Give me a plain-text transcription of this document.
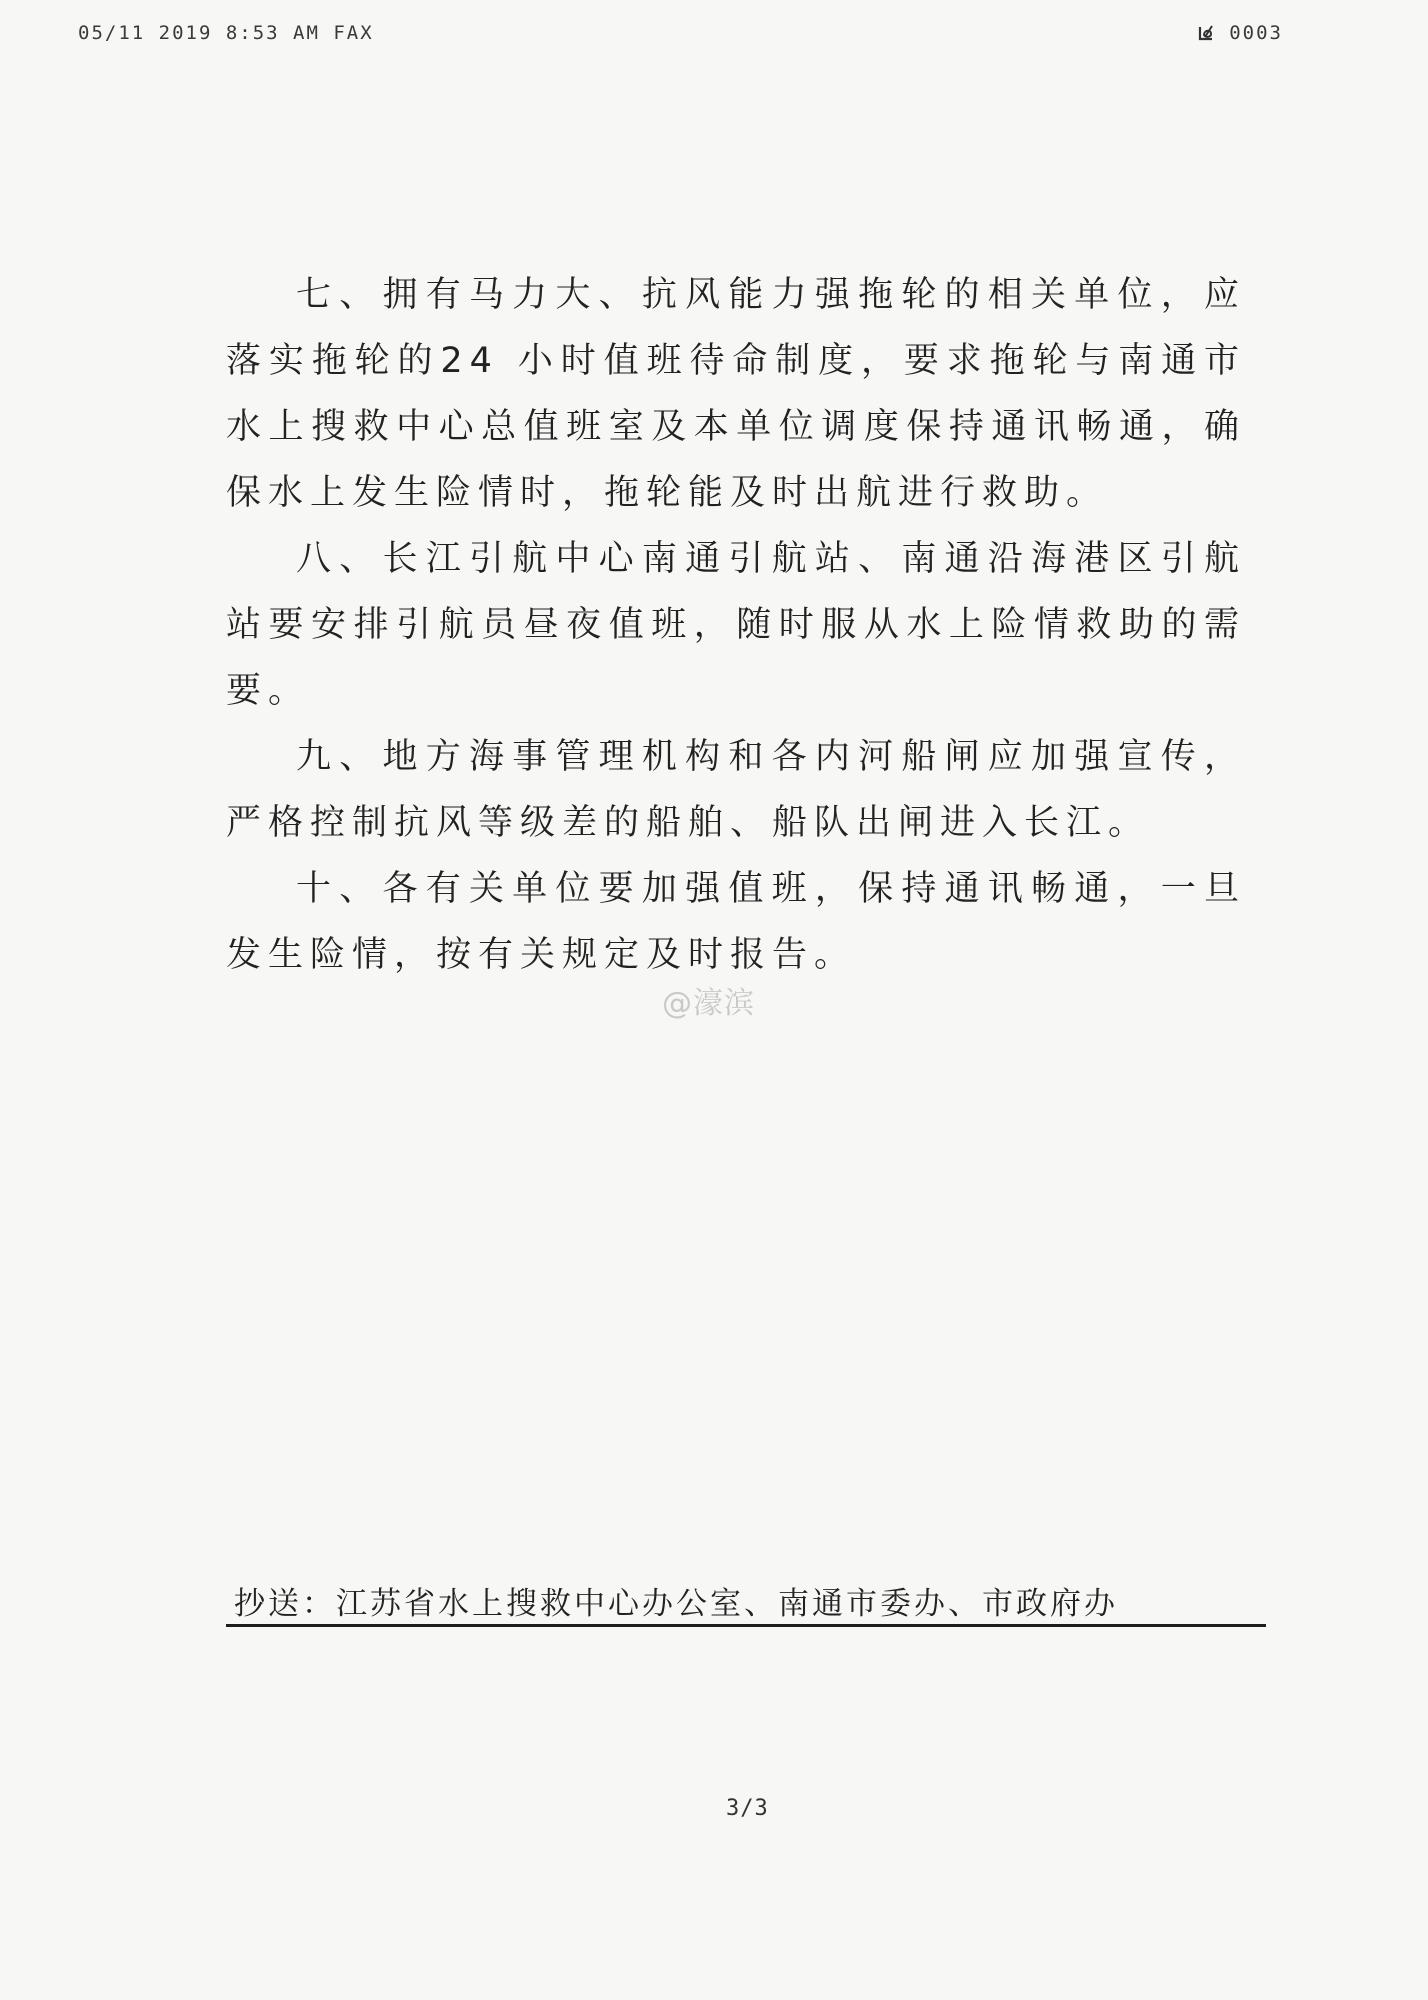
05/11 2019 8:53 AM FAX	0003

七、拥有马力大、抗风能力强拖轮的相关单位，应落实拖轮的24 小时值班待命制度，要求拖轮与南通市水上搜救中心总值班室及本单位调度保持通讯畅通，确保水上发生险情时，拖轮能及时出航进行救助。

八、长江引航中心南通引航站、南通沿海港区引航站要安排引航员昼夜值班，随时服从水上险情救助的需要。

九、地方海事管理机构和各内河船闸应加强宣传，严格控制抗风等级差的船舶、船队出闸进入长江。

十、各有关单位要加强值班，保持通讯畅通，一旦发生险情，按有关规定及时报告。

@濠滨
抄送：江苏省水上搜救中心办公室、南通市委办、市政府办
3/3
